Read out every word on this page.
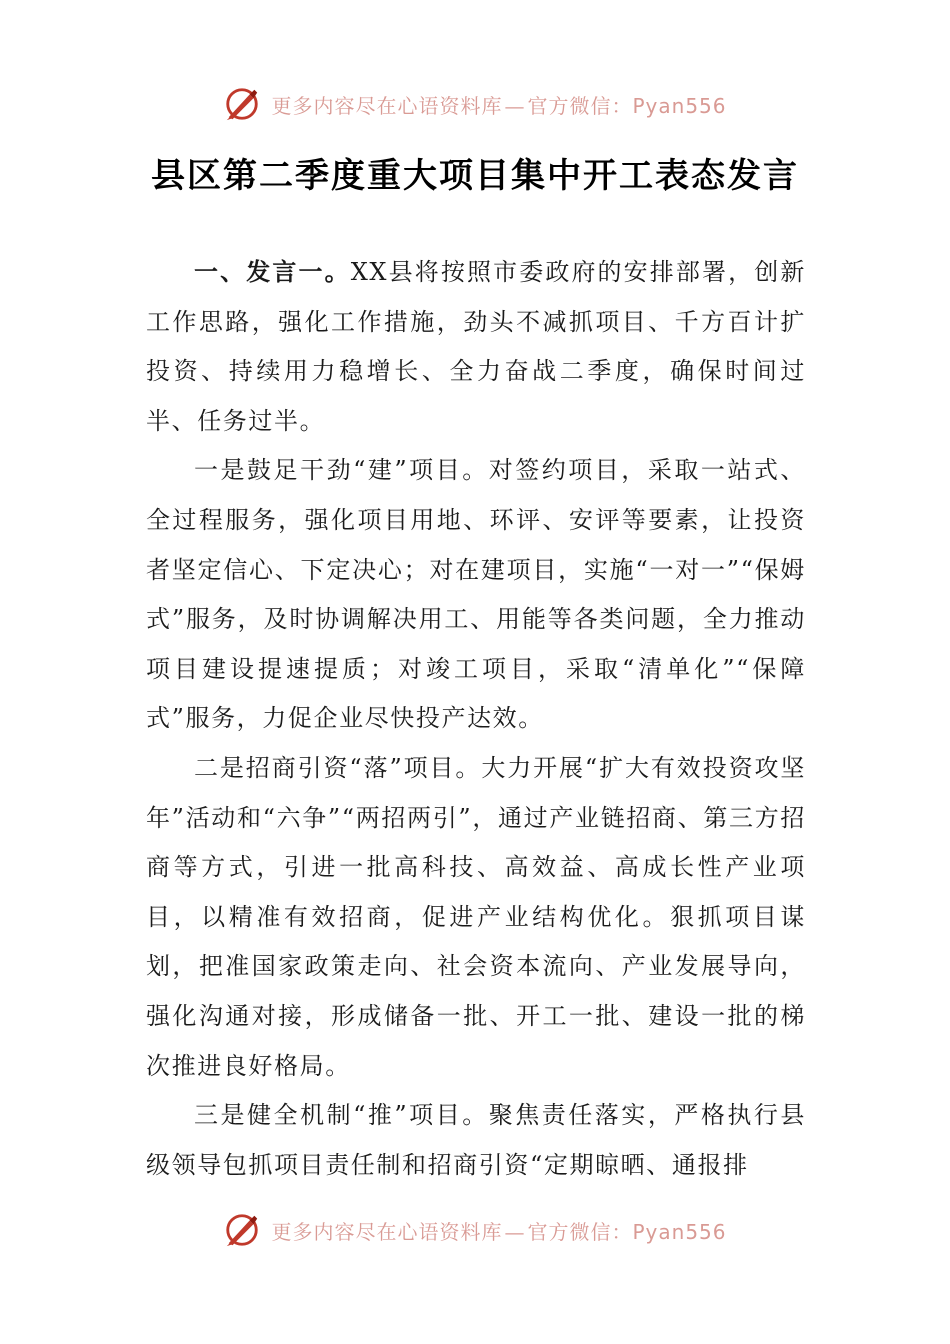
更多内容尽在心语资料库 — 官方微信：Pyan556
县区第二季度重大项目集中开工表态发言

一、发言一。XX县将按照市委政府的安排部署，创新工作思路，强化工作措施，劲头不减抓项目、千方百计扩投资、持续用力稳增长、全力奋战二季度，确保时间过半、任务过半。

一是鼓足干劲“建”项目。对签约项目，采取一站式、全过程服务，强化项目用地、环评、安评等要素，让投资者坚定信心、下定决心；对在建项目，实施“一对一”“保姆式”服务，及时协调解决用工、用能等各类问题，全力推动项目建设提速提质；对竣工项目，采取“清单化”“保障式”服务，力促企业尽快投产达效。

二是招商引资“落”项目。大力开展“扩大有效投资攻坚年”活动和“六争”“两招两引”，通过产业链招商、第三方招商等方式，引进一批高科技、高效益、高成长性产业项目，以精准有效招商，促进产业结构优化。狠抓项目谋划，把准国家政策走向、社会资本流向、产业发展导向，强化沟通对接，形成储备一批、开工一批、建设一批的梯次推进良好格局。

三是健全机制“推”项目。聚焦责任落实，严格执行县级领导包抓项目责任制和招商引资“定期晾晒、通报排

更多内容尽在心语资料库 — 官方微信：Pyan556
